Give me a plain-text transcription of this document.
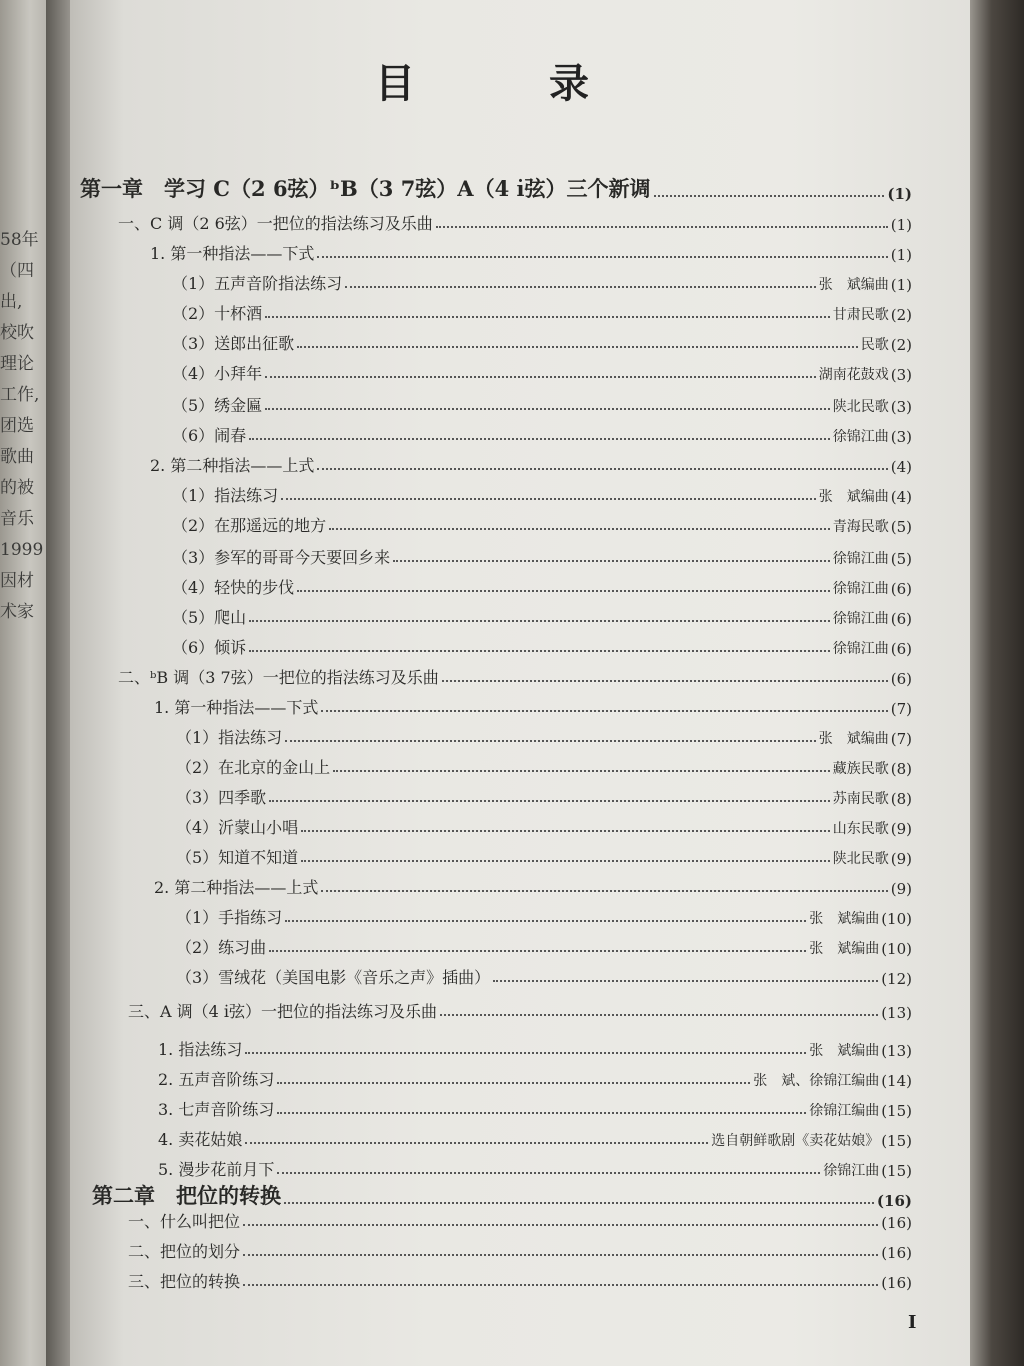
58年
（四
出,
校吹
理论
工作,
团选
歌曲
的被
音乐
1999
因材
术家
目 录
第一章　学习 C（2 6弦）ᵇB（3 7弦）A（4 i̇弦）三个新调	(1)
一、C 调（2 6弦）一把位的指法练习及乐曲	(1)
1. 第一种指法——下式	(1)
（1）五声音阶指法练习	张　斌编曲 (1)
（2）十杯酒	甘肃民歌 (2)
（3）送郎出征歌	民歌 (2)
（4）小拜年	湖南花鼓戏 (3)
（5）绣金匾	陕北民歌 (3)
（6）闹春	徐锦江曲 (3)
2. 第二种指法——上式	(4)
（1）指法练习	张　斌编曲 (4)
（2）在那遥远的地方	青海民歌 (5)
（3）参军的哥哥今天要回乡来	徐锦江曲 (5)
（4）轻快的步伐	徐锦江曲 (6)
（5）爬山	徐锦江曲 (6)
（6）倾诉	徐锦江曲 (6)
二、ᵇB 调（3 7弦）一把位的指法练习及乐曲	(6)
1. 第一种指法——下式	(7)
（1）指法练习	张　斌编曲 (7)
（2）在北京的金山上	藏族民歌 (8)
（3）四季歌	苏南民歌 (8)
（4）沂蒙山小唱	山东民歌 (9)
（5）知道不知道	陕北民歌 (9)
2. 第二种指法——上式	(9)
（1）手指练习	张　斌编曲 (10)
（2）练习曲	张　斌编曲 (10)
（3）雪绒花（美国电影《音乐之声》插曲）	(12)
三、A 调（4 i̇弦）一把位的指法练习及乐曲	(13)
1. 指法练习	张　斌编曲 (13)
2. 五声音阶练习	张　斌、徐锦江编曲 (14)
3. 七声音阶练习	徐锦江编曲 (15)
4. 卖花姑娘	选自朝鲜歌剧《卖花姑娘》 (15)
5. 漫步花前月下	徐锦江曲 (15)
第二章　把位的转换	(16)
一、什么叫把位	(16)
二、把位的划分	(16)
三、把位的转换	(16)
I
